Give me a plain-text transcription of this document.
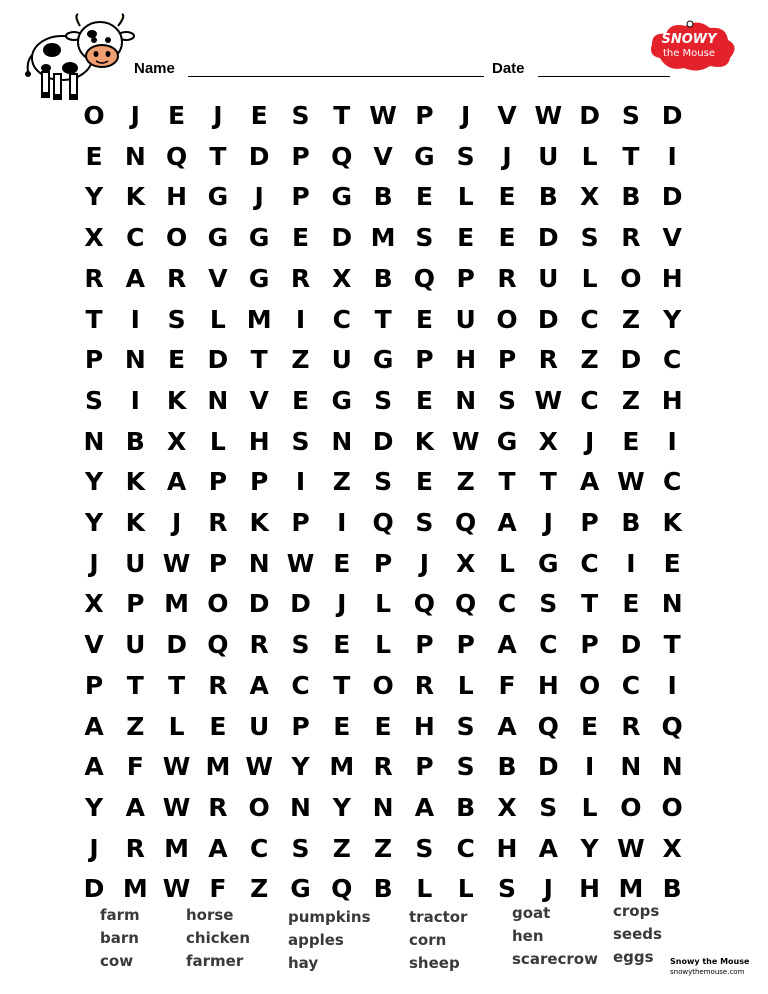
Name	Date
SNOWY
the Mouse
O	J	E	J	E S T W P	J	V W D S D
E N Q T D P Q V G S	J	U L T	I
Y K H G	J	P G B E L E B X B D
X C O G G E D M S E E D S R V
R A R V G R X B Q P R U L O H
T	I	S L M I	C T E U O D C Z Y
P N E D T Z U G P H P R Z D C
S	I	K N V E G S E N S W C Z H
N B X L H S N D K W G X	J	E	I
Y K A P P	I	Z S E Z T T A W C
Y K	J	R K P	I	Q S Q A	J	P B K
J	U W P N W E P	J	X L G C	I	E
X P M O D D	J	L Q Q C S T E N
V U D Q R S E L P P A C P D T
P T T R A C T O R L F H O C	I
A Z L E U P E E H S A Q E R Q
A F W M W Y M R P S B D	I	N N
Y A W R O N Y N A B X S L O O
J	R M A C S Z Z S C H A Y W X
D M W F Z G Q B L	L S	J	H M B
farm
barn
cow
horse
chicken
farmer
pumpkins
apples
hay
tractor
corn
sheep
goat
hen
scarecrow
crops
seeds
eggs	Snowy the Mouse
snowythemouse.com
